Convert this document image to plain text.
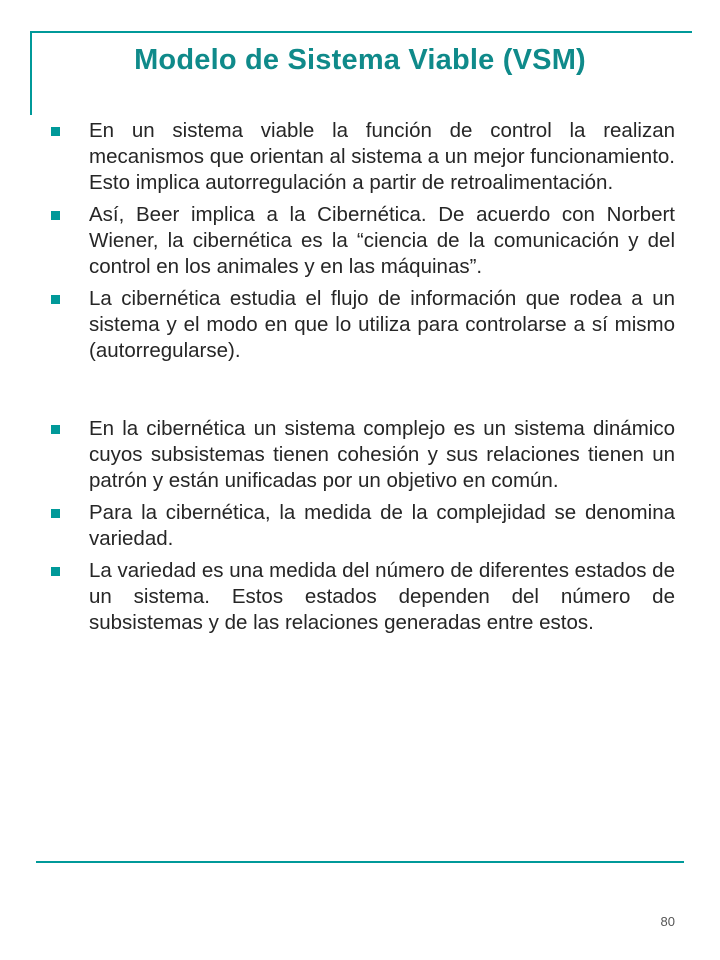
Modelo de Sistema Viable (VSM)
En un sistema viable la función de control la realizan mecanismos que orientan al sistema a un mejor funcionamiento. Esto implica autorregulación a partir de retroalimentación.
Así, Beer implica a la Cibernética. De acuerdo con Norbert Wiener, la cibernética es la “ciencia de la comunicación y del control en los animales y en las máquinas”.
La cibernética estudia el flujo de información que rodea a un sistema y el modo en que lo utiliza para controlarse a sí mismo (autorregularse).
En la cibernética un sistema complejo es un sistema dinámico cuyos subsistemas tienen cohesión y sus relaciones tienen un patrón y están unificadas por un objetivo en común.
Para la cibernética, la medida de la complejidad se denomina variedad.
La variedad es una medida del número de diferentes estados de un sistema. Estos estados dependen del número de subsistemas y de las relaciones generadas entre estos.
80
